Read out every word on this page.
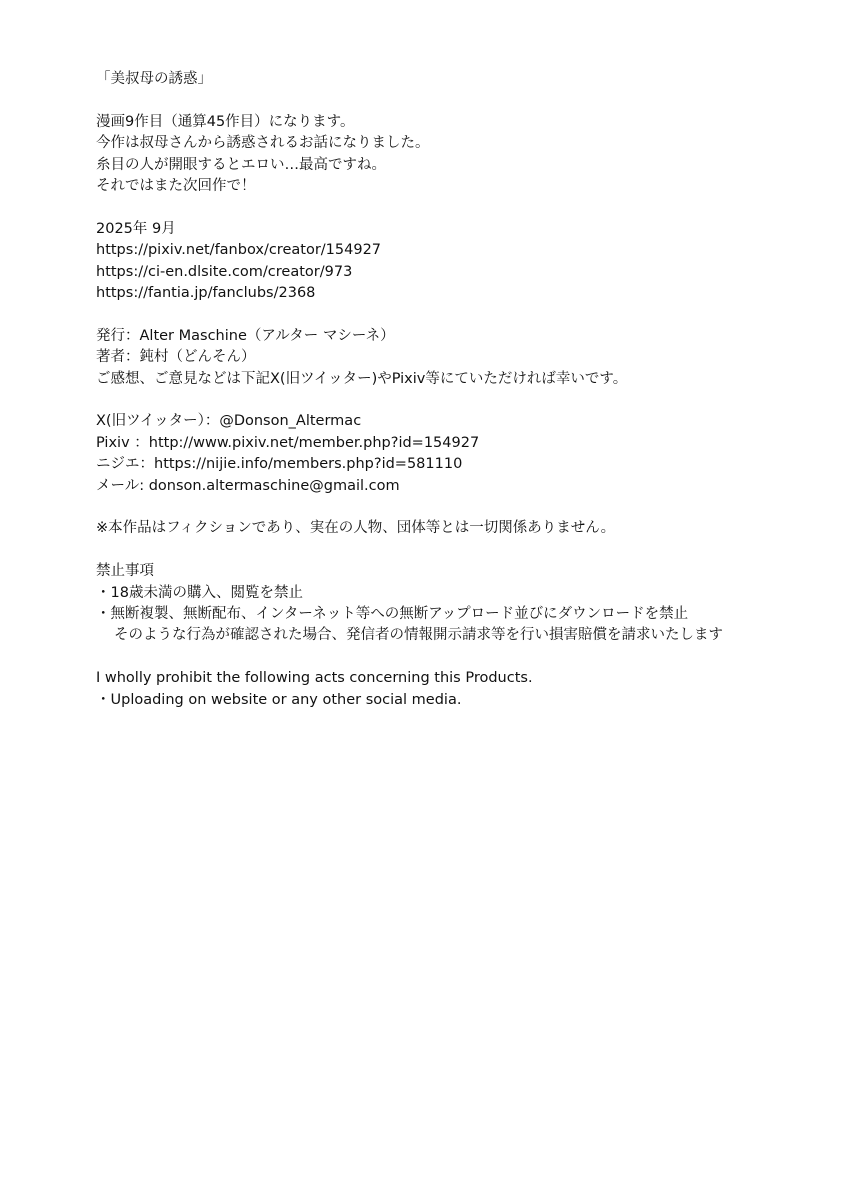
「美叔母の誘惑」
漫画9作目（通算45作目）になります。
今作は叔母さんから誘惑されるお話になりました。
糸目の人が開眼するとエロい…最高ですね。
それではまた次回作で！
2025年 9月
https://pixiv.net/fanbox/creator/154927
https://ci-en.dlsite.com/creator/973
https://fantia.jp/fanclubs/2368
発行：Alter Maschine（アルター マシーネ）
著者：鈍村（どんそん）
ご感想、ご意見などは下記X(旧ツイッター)やPixiv等にていただければ幸いです。
X(旧ツイッター）：@Donson_Altermac
Pixiv ：http://www.pixiv.net/member.php?id=154927
ニジエ：https://nijie.info/members.php?id=581110
メール: donson.altermaschine@gmail.com
※本作品はフィクションであり、実在の人物、団体等とは一切関係ありません。
禁止事項
・18歳未満の購入、閲覧を禁止
・無断複製、無断配布、インターネット等への無断アップロード並びにダウンロードを禁止
そのような行為が確認された場合、発信者の情報開示請求等を行い損害賠償を請求いたします
I wholly prohibit the following acts concerning this Products.
・Uploading on website or any other social media.
